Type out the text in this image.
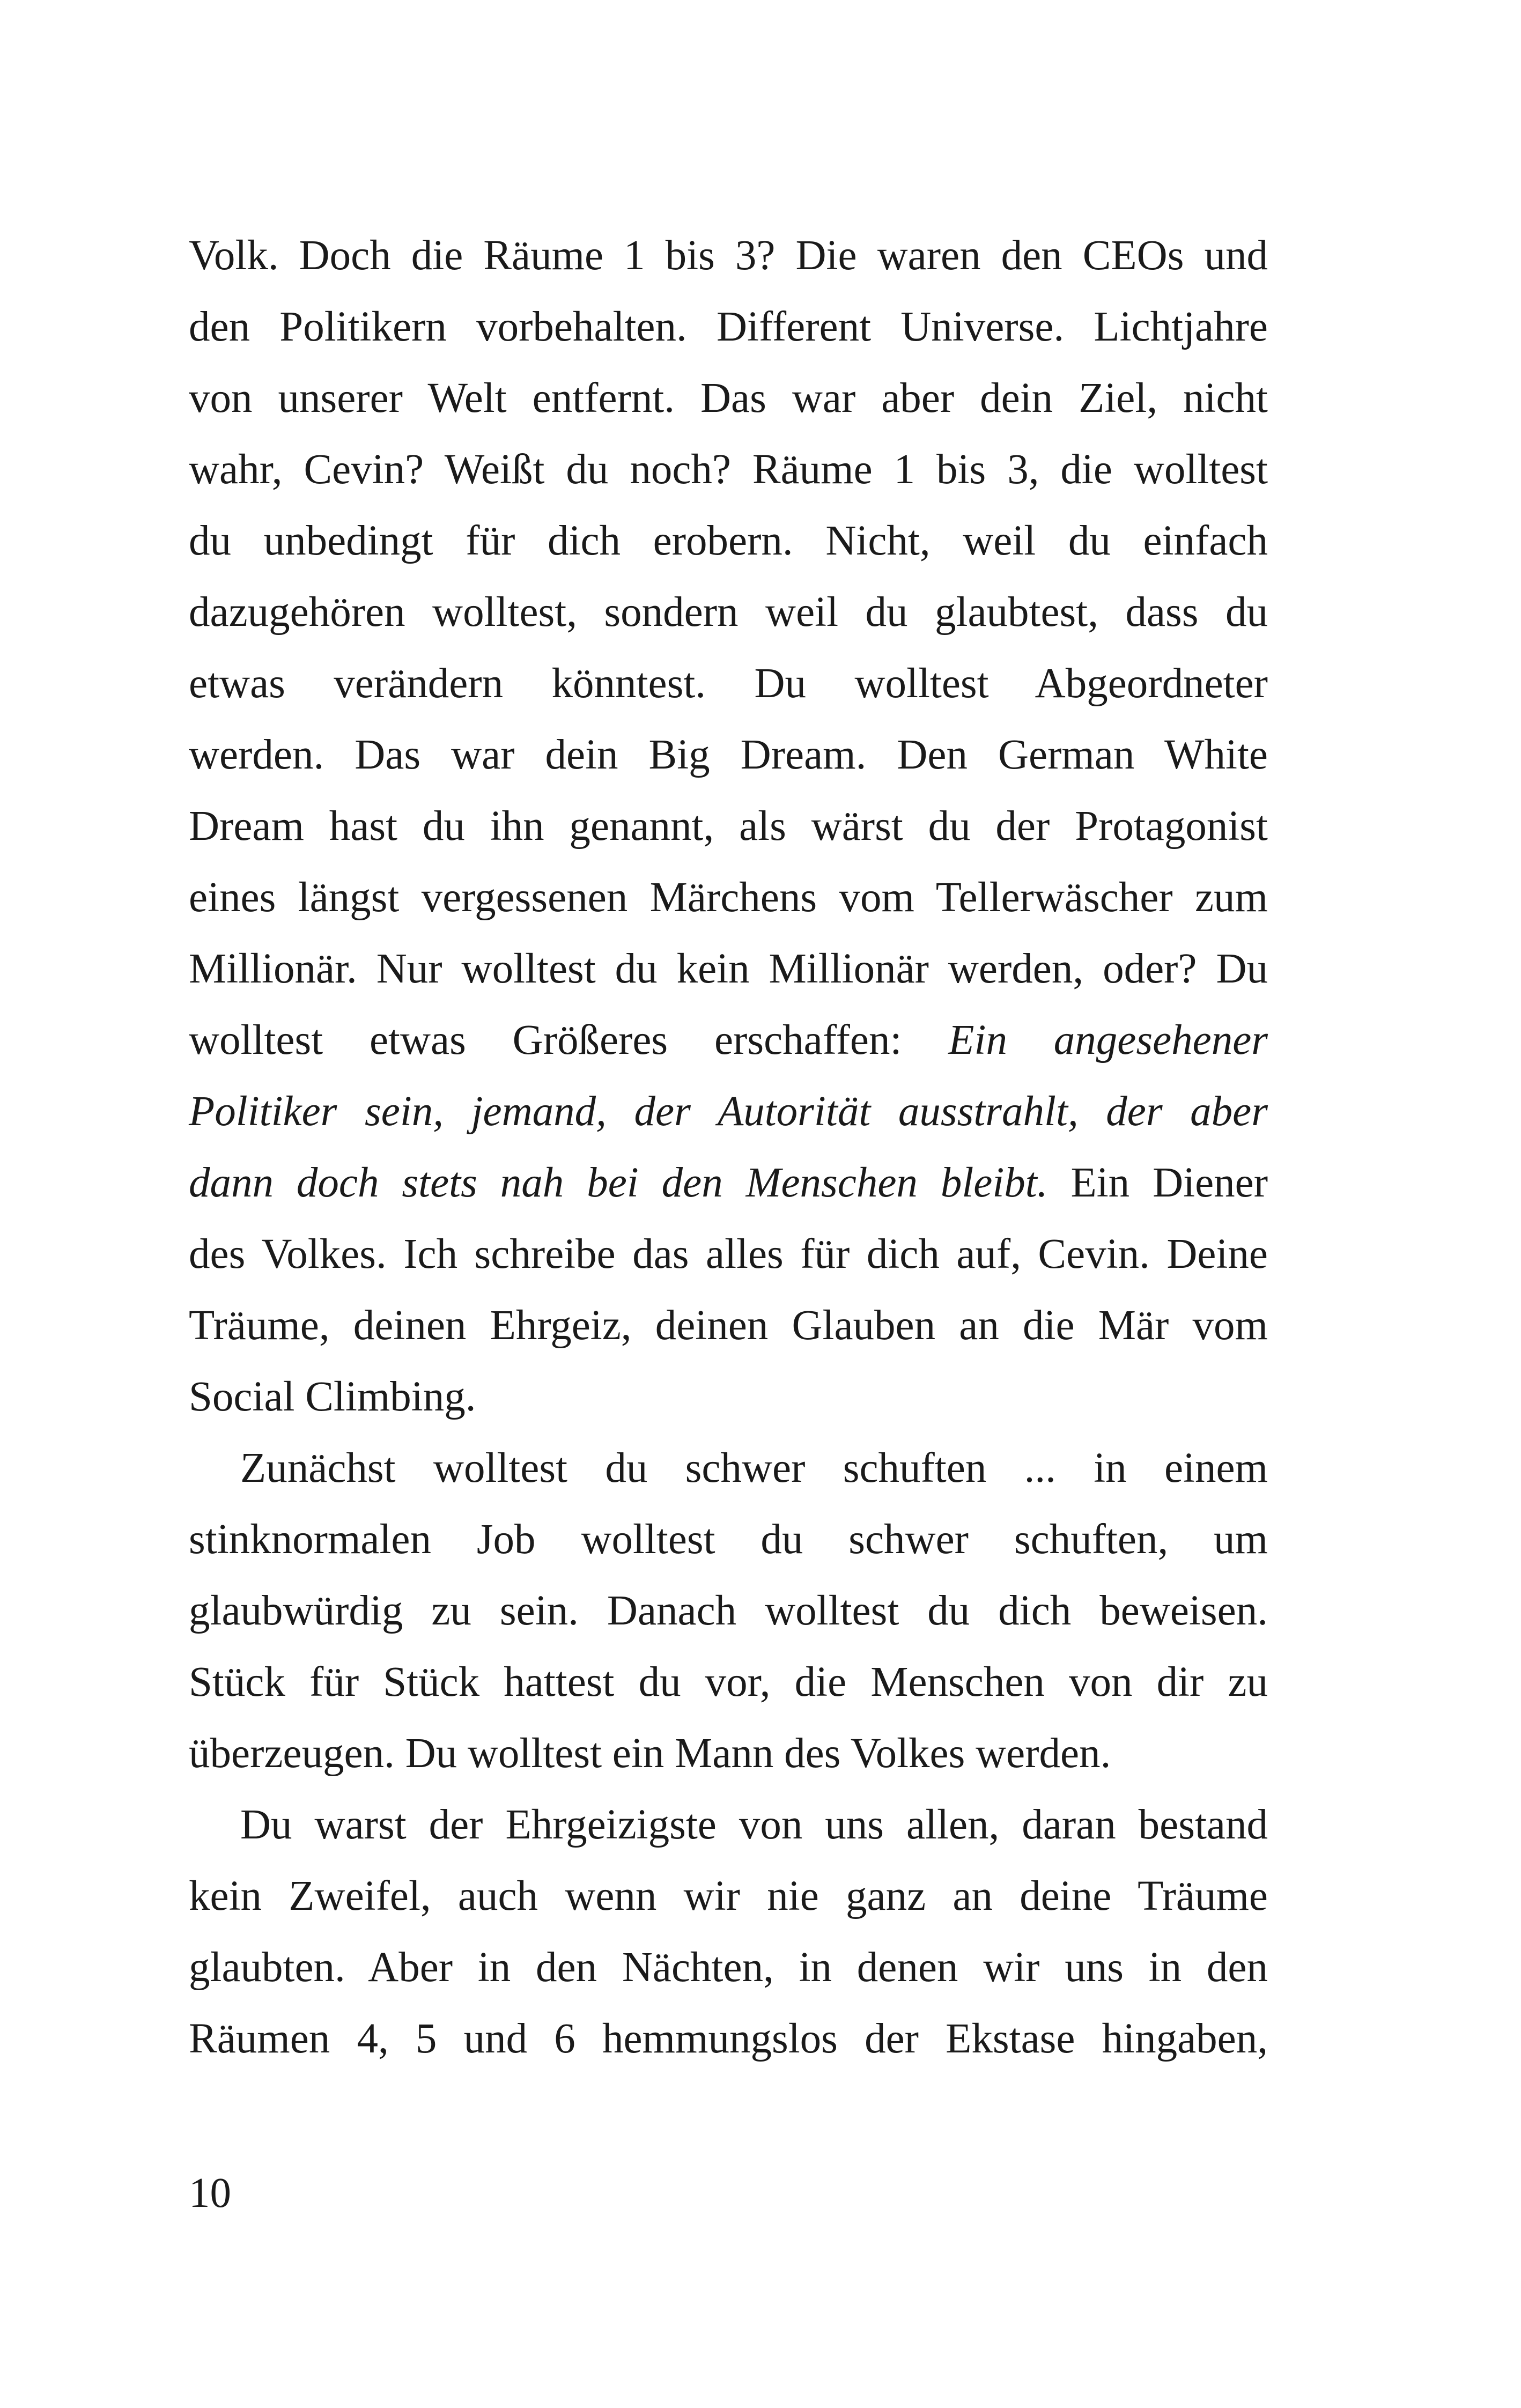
Volk. Doch die Räume 1 bis 3? Die waren den CEOs und
den Politikern vorbehalten. Different Universe. Lichtjahre
von unserer Welt entfernt. Das war aber dein Ziel, nicht
wahr, Cevin? Weißt du noch? Räume 1 bis 3, die wolltest
du unbedingt für dich erobern. Nicht, weil du einfach
dazugehören wolltest, sondern weil du glaubtest, dass du
etwas verändern könntest. Du wolltest Abgeordneter
werden. Das war dein Big Dream. Den German White
Dream hast du ihn genannt, als wärst du der Protagonist
eines längst vergessenen Märchens vom Tellerwäscher zum
Millionär. Nur wolltest du kein Millionär werden, oder? Du
wolltest etwas Größeres erschaffen: Ein angesehener
Politiker sein, jemand, der Autorität ausstrahlt, der aber
dann doch stets nah bei den Menschen bleibt. Ein Diener
des Volkes. Ich schreibe das alles für dich auf, Cevin. Deine
Träume, deinen Ehrgeiz, deinen Glauben an die Mär vom
Social Climbing.
Zunächst wolltest du schwer schuften ... in einem
stinknormalen Job wolltest du schwer schuften, um
glaubwürdig zu sein. Danach wolltest du dich beweisen.
Stück für Stück hattest du vor, die Menschen von dir zu
überzeugen. Du wolltest ein Mann des Volkes werden.
Du warst der Ehrgeizigste von uns allen, daran bestand
kein Zweifel, auch wenn wir nie ganz an deine Träume
glaubten. Aber in den Nächten, in denen wir uns in den
Räumen 4, 5 und 6 hemmungslos der Ekstase hingaben,
10
